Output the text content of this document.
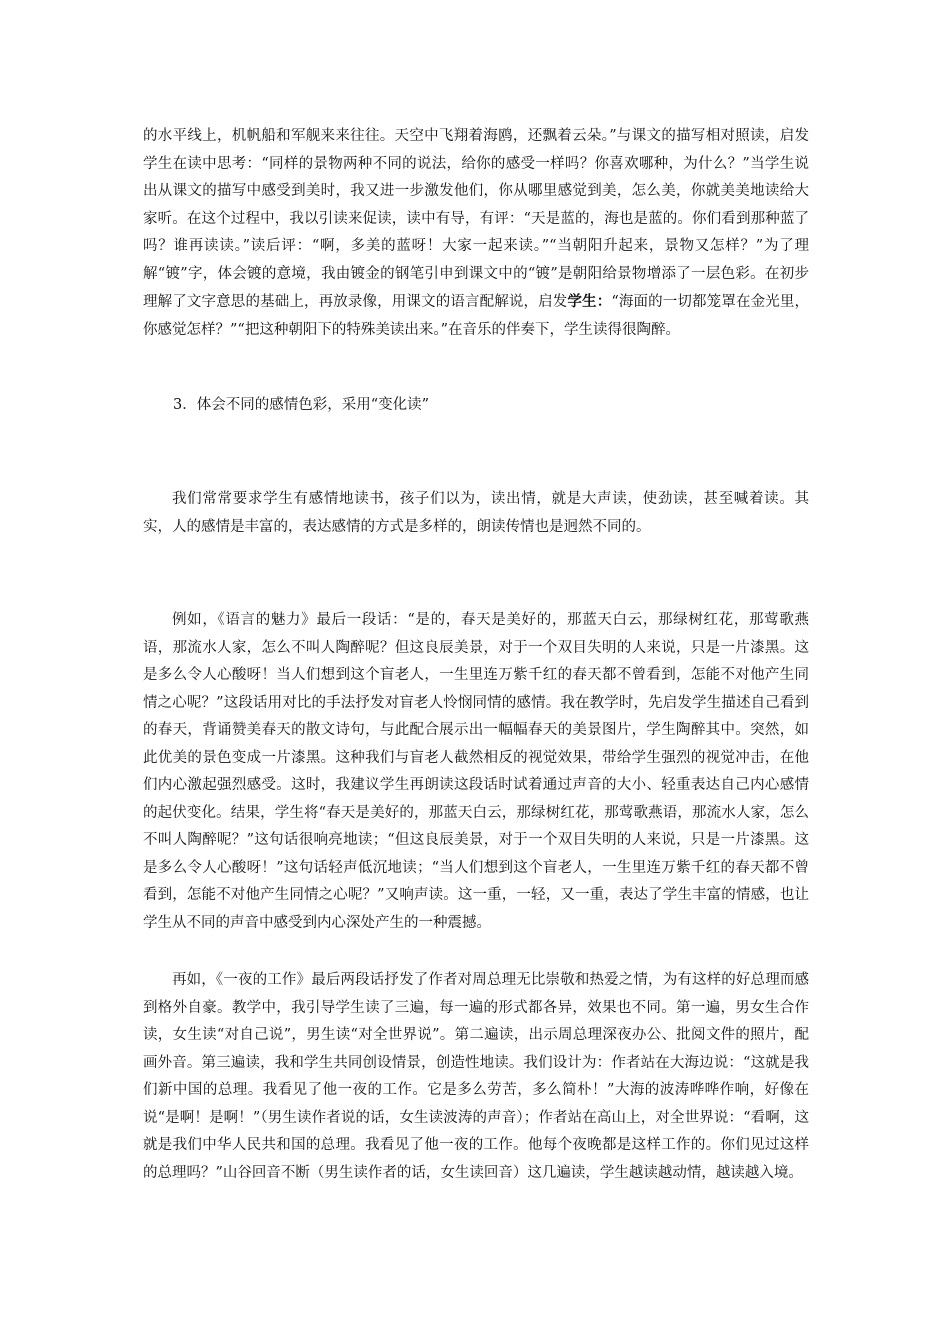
的水平线上，机帆船和军舰来来往往。天空中飞翔着海鸥，还飘着云朵。”与课文的描写相对照读，启发学生在读中思考：“同样的景物两种不同的说法，给你的感受一样吗？你喜欢哪种，为什么？”当学生说出从课文的描写中感受到美时，我又进一步激发他们，你从哪里感觉到美，怎么美，你就美美地读给大家听。在这个过程中，我以引读来促读，读中有导，有评：“天是蓝的，海也是蓝的。你们看到那种蓝了吗？谁再读读。”读后评：“啊，多美的蓝呀！大家一起来读。”“当朝阳升起来，景物又怎样？”为了理解“镀”字，体会镀的意境，我由镀金的钢笔引申到课文中的“镀”是朝阳给景物增添了一层色彩。在初步理解了文字意思的基础上，再放录像，用课文的语言配解说，启发学生：“海面的一切都笼罩在金光里，你感觉怎样？”“把这种朝阳下的特殊美读出来。”在音乐的伴奏下，学生读得很陶醉。

3．体会不同的感情色彩，采用“变化读”

我们常常要求学生有感情地读书，孩子们以为，读出情，就是大声读，使劲读，甚至喊着读。其实，人的感情是丰富的，表达感情的方式是多样的，朗读传情也是迥然不同的。

例如，《语言的魅力》最后一段话：“是的，春天是美好的，那蓝天白云，那绿树红花，那莺歌燕语，那流水人家，怎么不叫人陶醉呢？但这良辰美景，对于一个双目失明的人来说，只是一片漆黑。这是多么令人心酸呀！当人们想到这个盲老人，一生里连万紫千红的春天都不曾看到，怎能不对他产生同情之心呢？”这段话用对比的手法抒发对盲老人怜悯同情的感情。我在教学时，先启发学生描述自己看到的春天，背诵赞美春天的散文诗句，与此配合展示出一幅幅春天的美景图片，学生陶醉其中。突然，如此优美的景色变成一片漆黑。这种我们与盲老人截然相反的视觉效果，带给学生强烈的视觉冲击，在他们内心激起强烈感受。这时，我建议学生再朗读这段话时试着通过声音的大小、轻重表达自己内心感情的起伏变化。结果，学生将“春天是美好的，那蓝天白云，那绿树红花，那莺歌燕语，那流水人家，怎么不叫人陶醉呢？”这句话很响亮地读；“但这良辰美景，对于一个双目失明的人来说，只是一片漆黑。这是多么令人心酸呀！”这句话轻声低沉地读；“当人们想到这个盲老人，一生里连万紫千红的春天都不曾看到，怎能不对他产生同情之心呢？”又响声读。这一重，一轻，又一重，表达了学生丰富的情感，也让学生从不同的声音中感受到内心深处产生的一种震撼。

再如，《一夜的工作》最后两段话抒发了作者对周总理无比崇敬和热爱之情，为有这样的好总理而感到格外自豪。教学中，我引导学生读了三遍，每一遍的形式都各异，效果也不同。第一遍，男女生合作读，女生读“对自己说”，男生读“对全世界说”。第二遍读，出示周总理深夜办公、批阅文件的照片，配画外音。第三遍读，我和学生共同创设情景，创造性地读。我们设计为：作者站在大海边说：“这就是我们新中国的总理。我看见了他一夜的工作。它是多么劳苦，多么简朴！”大海的波涛哗哗作响，好像在说“是啊！是啊！”（男生读作者说的话，女生读波涛的声音）；作者站在高山上，对全世界说：“看啊，这就是我们中华人民共和国的总理。我看见了他一夜的工作。他每个夜晚都是这样工作的。你们见过这样的总理吗？”山谷回音不断（男生读作者的话，女生读回音）这几遍读，学生越读越动情，越读越入境。
